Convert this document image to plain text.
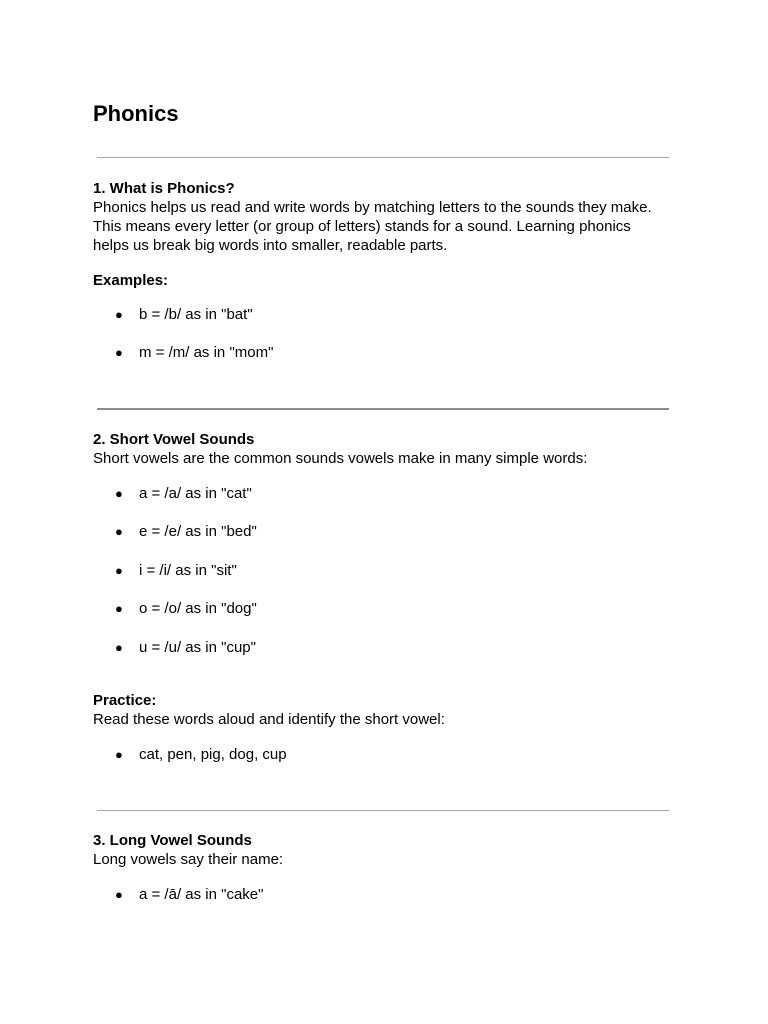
Phonics
1. What is Phonics?
Phonics helps us read and write words by matching letters to the sounds they make.
This means every letter (or group of letters) stands for a sound. Learning phonics
helps us break big words into smaller, readable parts.
Examples:
● b = /b/ as in "bat"
● m = /m/ as in "mom"
2. Short Vowel Sounds
Short vowels are the common sounds vowels make in many simple words:
● a = /a/ as in "cat"
● e = /e/ as in "bed"
● i = /i/ as in "sit"
● o = /o/ as in "dog"
● u = /u/ as in "cup"
Practice:
Read these words aloud and identify the short vowel:
● cat, pen, pig, dog, cup
3. Long Vowel Sounds
Long vowels say their name:
● a = /ā/ as in "cake"
